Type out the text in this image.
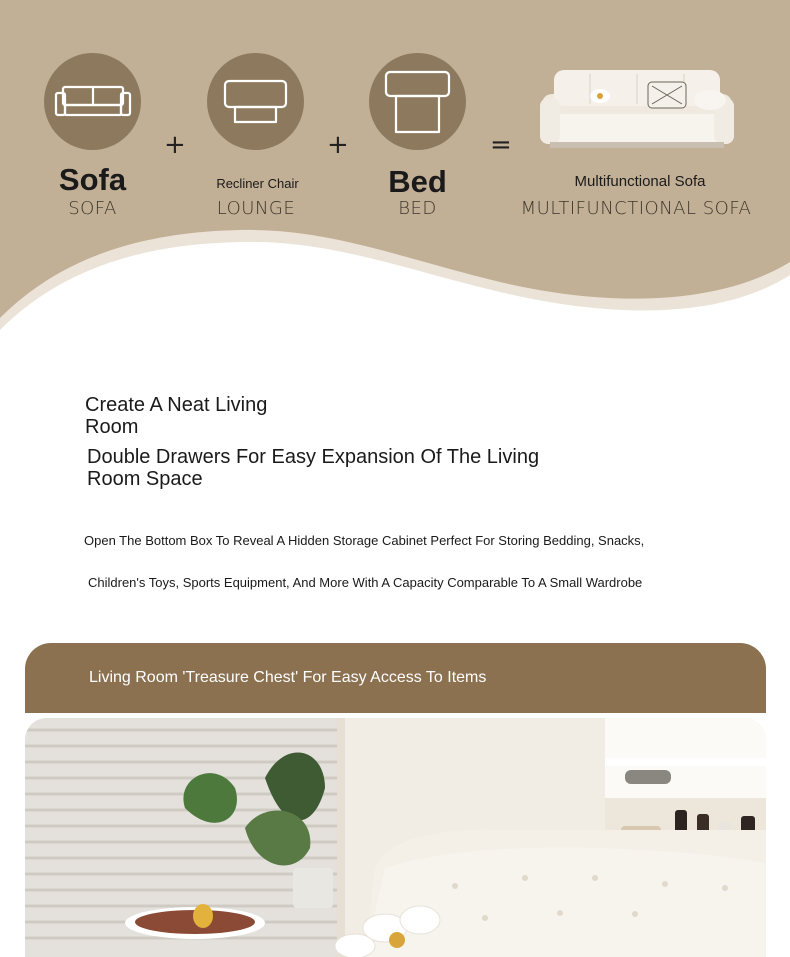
Sofa
SOFA
+
Recliner Chair
LOUNGE
+
Bed
BED
=
Multifunctional Sofa
MULTIFUNCTIONAL SOFA
Create A Neat Living Room
Double Drawers For Easy Expansion Of The Living Room Space
Open The Bottom Box To Reveal A Hidden Storage Cabinet Perfect For Storing Bedding, Snacks,
Children's Toys, Sports Equipment, And More With A Capacity Comparable To A Small Wardrobe
Living Room 'Treasure Chest' For Easy Access To Items
